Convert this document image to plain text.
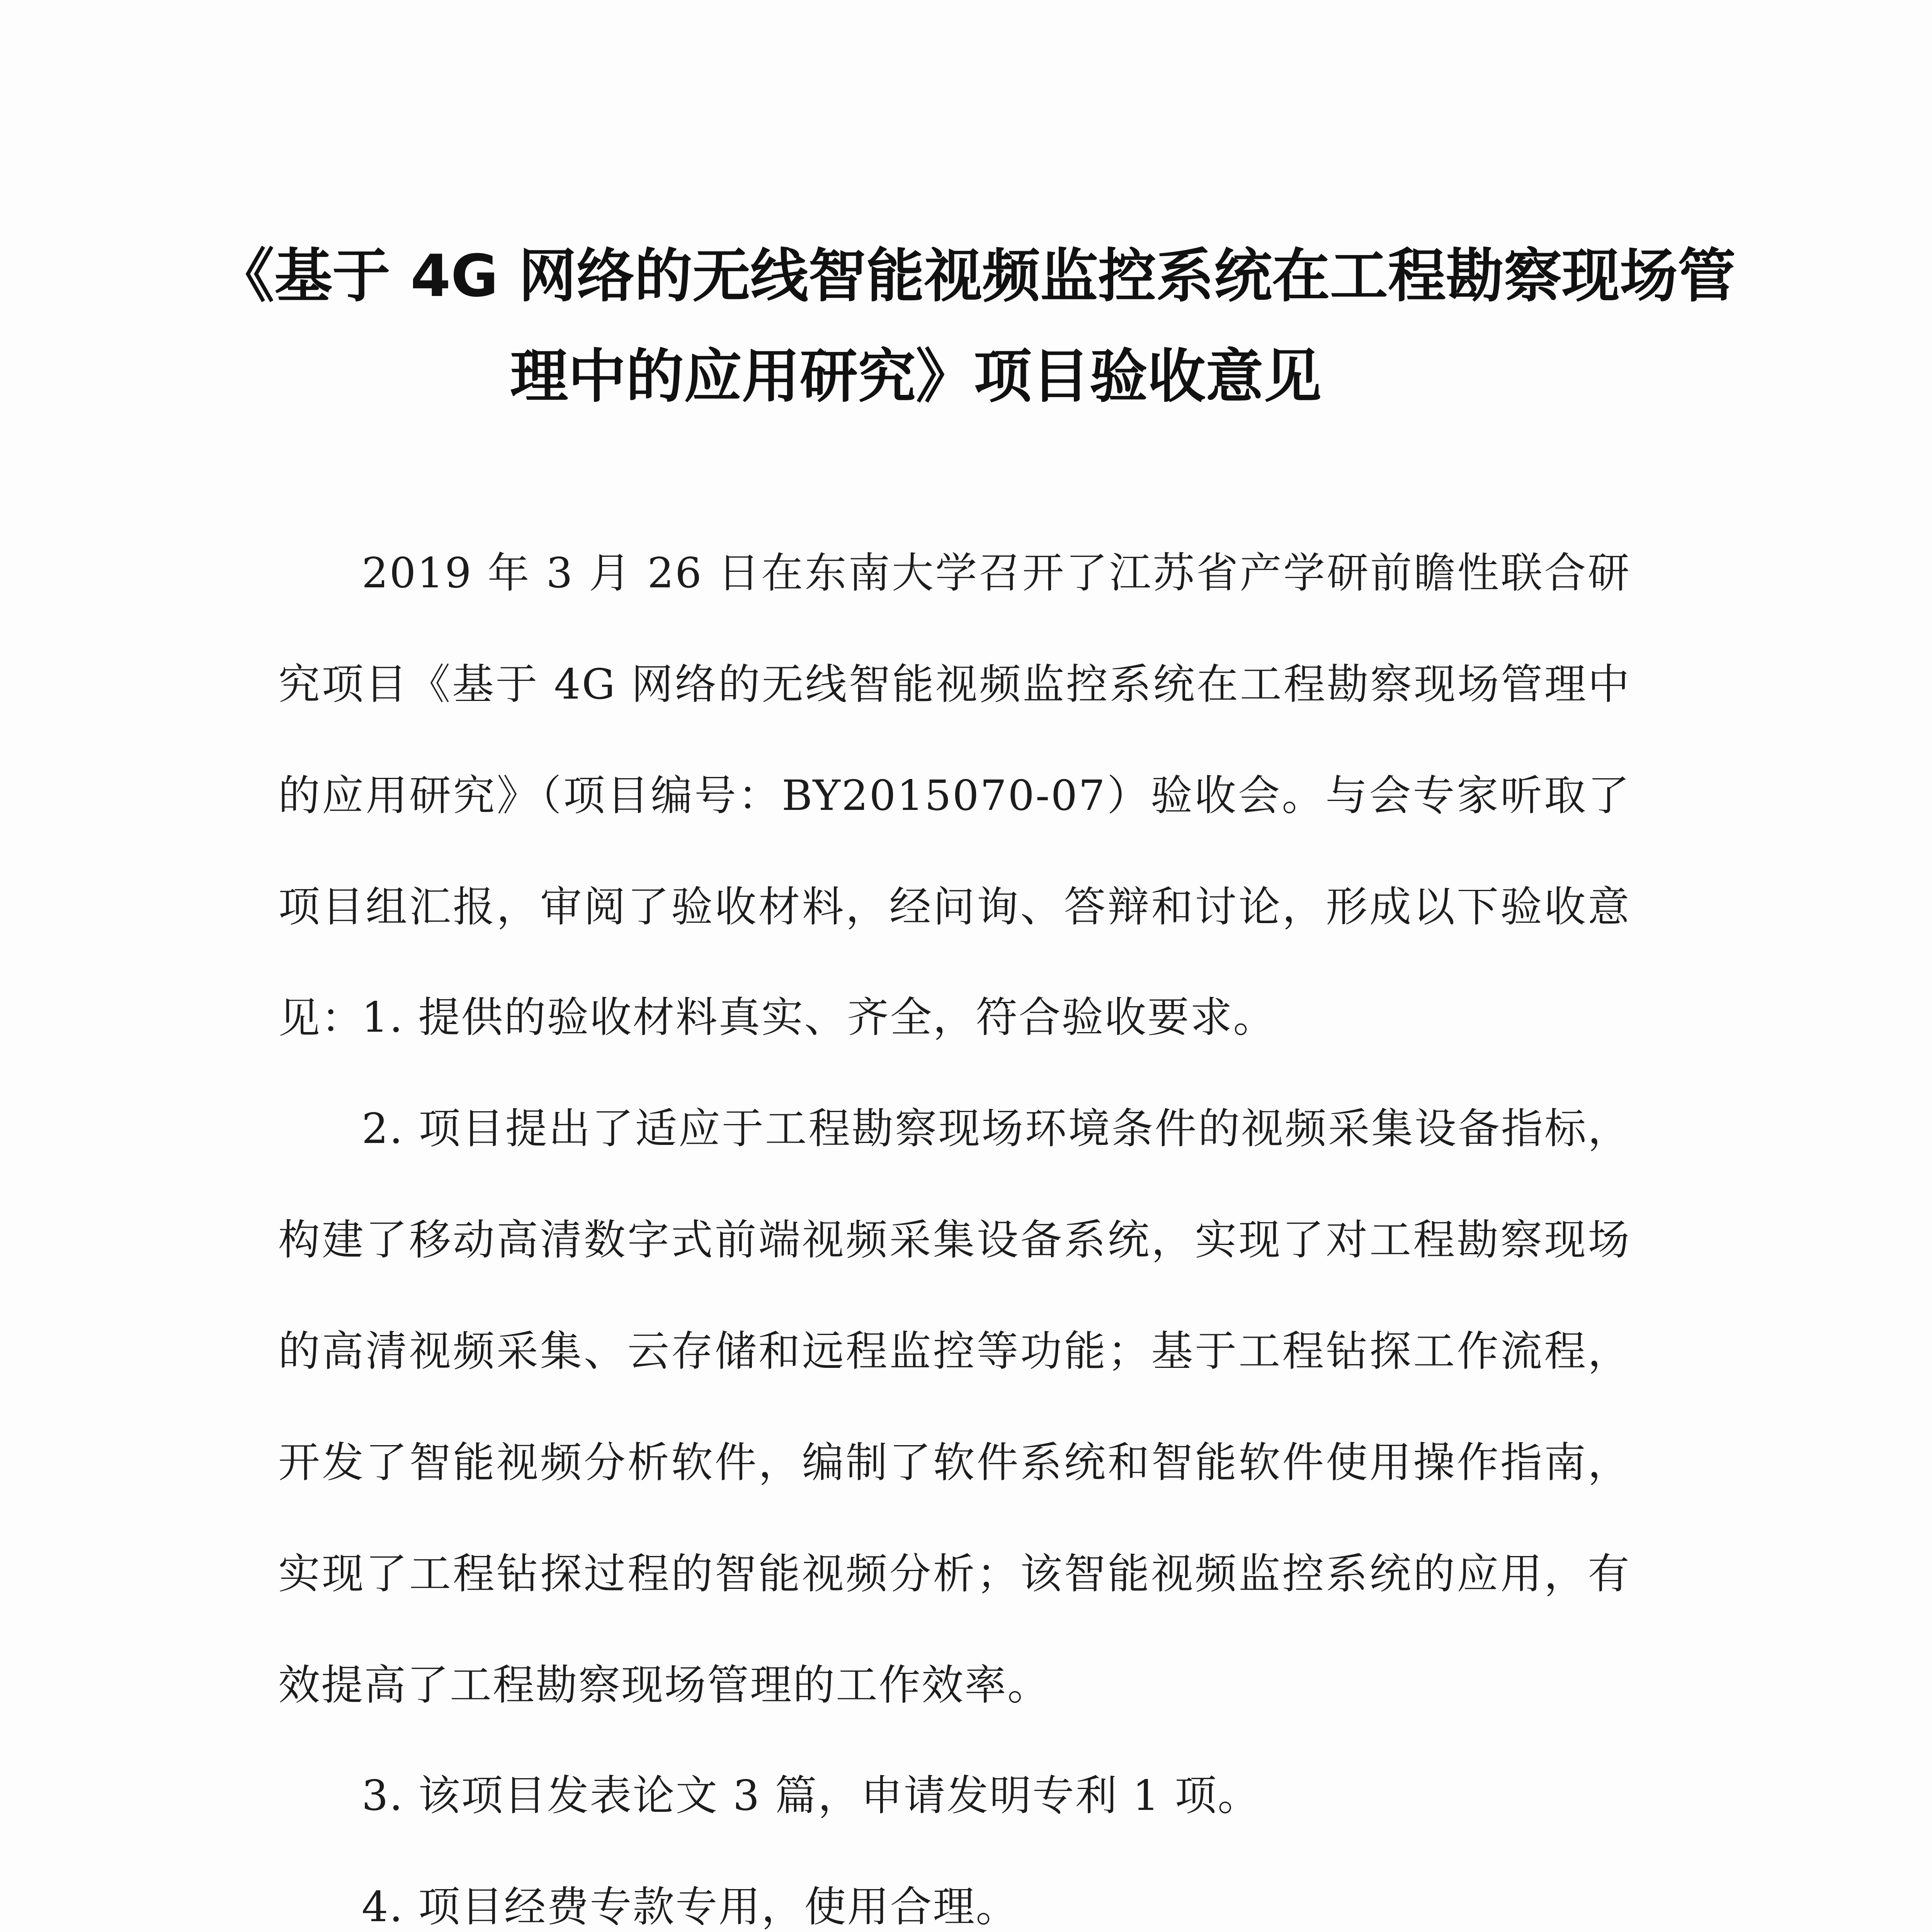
《基于 4G 网络的无线智能视频监控系统在工程勘察现场管
理中的应用研究》项目验收意见

2019 年 3 月 26 日在东南大学召开了江苏省产学研前瞻性联合研究项目《基于 4G 网络的无线智能视频监控系统在工程勘察现场管理中的应用研究》（项目编号：BY2015070-07）验收会。与会专家听取了项目组汇报，审阅了验收材料，经问询、答辩和讨论，形成以下验收意见：

1. 提供的验收材料真实、齐全，符合验收要求。

2. 项目提出了适应于工程勘察现场环境条件的视频采集设备指标，构建了移动高清数字式前端视频采集设备系统，实现了对工程勘察现场的高清视频采集、云存储和远程监控等功能；基于工程钻探工作流程，开发了智能视频分析软件，编制了软件系统和智能软件使用操作指南，实现了工程钻探过程的智能视频分析；该智能视频监控系统的应用，有效提高了工程勘察现场管理的工作效率。

3. 该项目发表论文 3 篇，申请发明专利 1 项。

4. 项目经费专款专用，使用合理。
